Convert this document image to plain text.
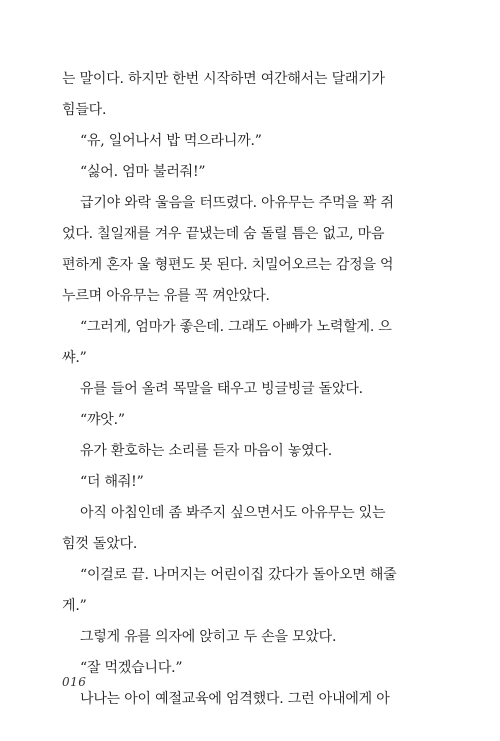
는 말이다. 하지만 한번 시작하면 여간해서는 달래기가
힘들다.
“유, 일어나서 밥 먹으라니까.”
“싫어. 엄마 불러줘!”
급기야 와락 울음을 터뜨렸다. 아유무는 주먹을 꽉 쥐
었다. 칠일재를 겨우 끝냈는데 숨 돌릴 틈은 없고, 마음
편하게 혼자 울 형편도 못 된다. 치밀어오르는 감정을 억
누르며 아유무는 유를 꼭 껴안았다.
“그러게, 엄마가 좋은데. 그래도 아빠가 노력할게. 으
쌰.”
유를 들어 올려 목말을 태우고 빙글빙글 돌았다.
“꺄앗.”
유가 환호하는 소리를 듣자 마음이 놓였다.
“더 해줘!”
아직 아침인데 좀 봐주지 싶으면서도 아유무는 있는
힘껏 돌았다.
“이걸로 끝. 나머지는 어린이집 갔다가 돌아오면 해줄
게.”
그렇게 유를 의자에 앉히고 두 손을 모았다.
“잘 먹겠습니다.”
나나는 아이 예절교육에 엄격했다. 그런 아내에게 아
016
